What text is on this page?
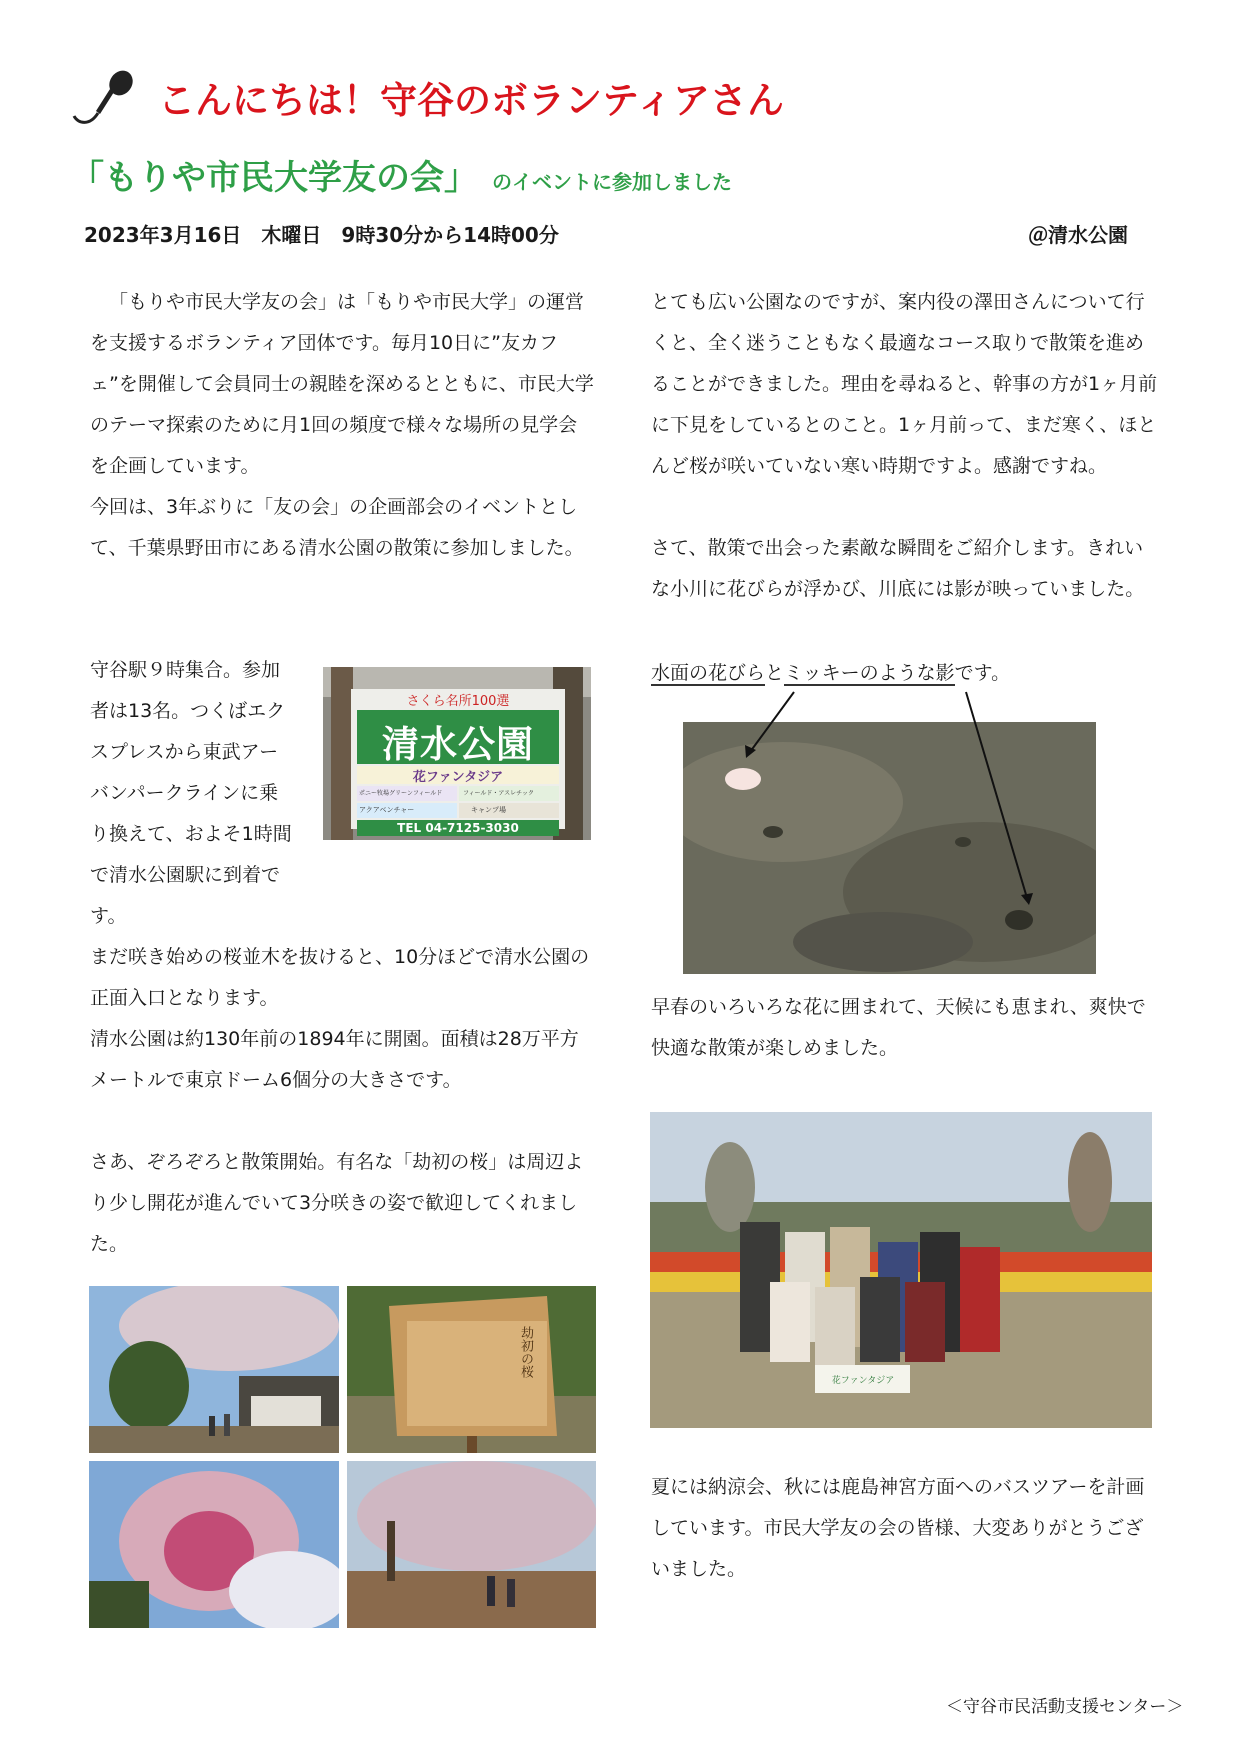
こんにちは！守谷のボランティアさん
「もりや市民大学友の会」 のイベントに参加しました
2023年3月16日　木曜日　9時30分から14時00分	＠清水公園

「もりや市民大学友の会」は「もりや市民大学」の運営を支援するボランティア団体です。毎月10日に”友カフェ”を開催して会員同士の親睦を深めるとともに、市民大学のテーマ探索のために月1回の頻度で様々な場所の見学会を企画しています。

今回は、3年ぶりに「友の会」の企画部会のイベントとして、千葉県野田市にある清水公園の散策に参加しました。

守谷駅９時集合。参加者は13名。つくばエクスプレスから東武アーバンパークラインに乗り換えて、およそ1時間で清水公園駅に到着です。

さくら名所100選
清水公園
花ファンタジア
ポニー牧場グリーンフィールド	フィールド・アスレチック
アクアベンチャー	キャンプ場
TEL 04-7125-3030

まだ咲き始めの桜並木を抜けると、10分ほどで清水公園の正面入口となります。

清水公園は約130年前の1894年に開園。面積は28万平方メートルで東京ドーム6個分の大きさです。

さあ、ぞろぞろと散策開始。有名な「劫初の桜」は周辺より少し開花が進んでいて3分咲きの姿で歓迎してくれました。

劫初の桜

とても広い公園なのですが、案内役の澤田さんについて行くと、全く迷うこともなく最適なコース取りで散策を進めることができました。理由を尋ねると、幹事の方が1ヶ月前に下見をしているとのこと。1ヶ月前って、まだ寒く、ほとんど桜が咲いていない寒い時期ですよ。感謝ですね。

さて、散策で出会った素敵な瞬間をご紹介します。きれいな小川に花びらが浮かび、川底には影が映っていました。

水面の花びらとミッキーのような影です。

早春のいろいろな花に囲まれて、天候にも恵まれ、爽快で快適な散策が楽しめました。

花ファンタジア

夏には納涼会、秋には鹿島神宮方面へのバスツアーを計画しています。市民大学友の会の皆様、大変ありがとうございました。

＜守谷市民活動支援センター＞
